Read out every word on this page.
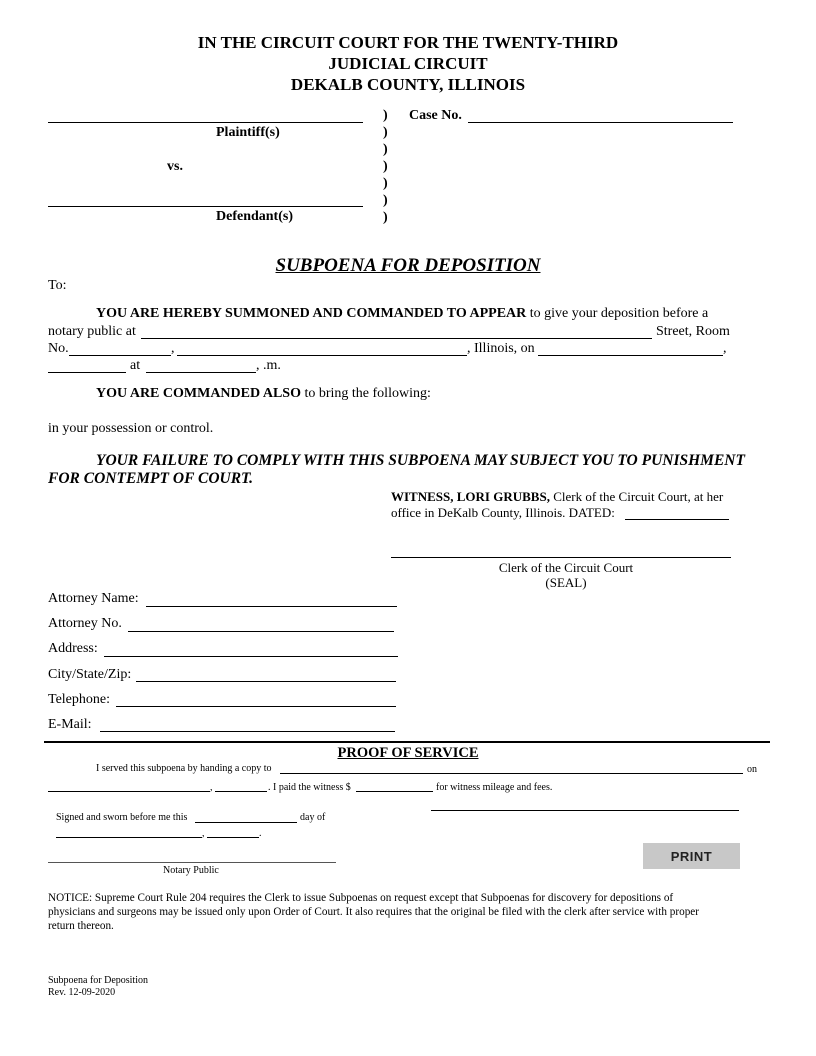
IN THE CIRCUIT COURT FOR THE TWENTY-THIRD
JUDICIAL CIRCUIT
DEKALB COUNTY, ILLINOIS
Plaintiff(s)
vs.
Defendant(s)
)
)
)
)
)
)
)
Case No.
SUBPOENA FOR DEPOSITION
To:
YOU ARE HEREBY SUMMONED AND COMMANDED TO APPEAR to give your deposition before a
notary public at	Street, Room
No.	,	, Illinois, on	,
at	, .m.
YOU ARE COMMANDED ALSO to bring the following:
in your possession or control.
YOUR FAILURE TO COMPLY WITH THIS SUBPOENA MAY SUBJECT YOU TO PUNISHMENT
FOR CONTEMPT OF COURT.
WITNESS, LORI GRUBBS, Clerk of the Circuit Court, at her
office in DeKalb County, Illinois. DATED:
Clerk of the Circuit Court
(SEAL)
Attorney Name:
Attorney No.
Address:
City/State/Zip:
Telephone:
E-Mail:
PROOF OF SERVICE
I served this subpoena by handing a copy to	on
,	. I paid the witness $	for witness mileage and fees.
Signed and sworn before me this	day of
,	.
Notary Public
PRINT
NOTICE: Supreme Court Rule 204 requires the Clerk to issue Subpoenas on request except that Subpoenas for discovery for depositions of
physicians and surgeons may be issued only upon Order of Court. It also requires that the original be filed with the clerk after service with proper
return thereon.
Subpoena for Deposition
Rev. 12-09-2020
